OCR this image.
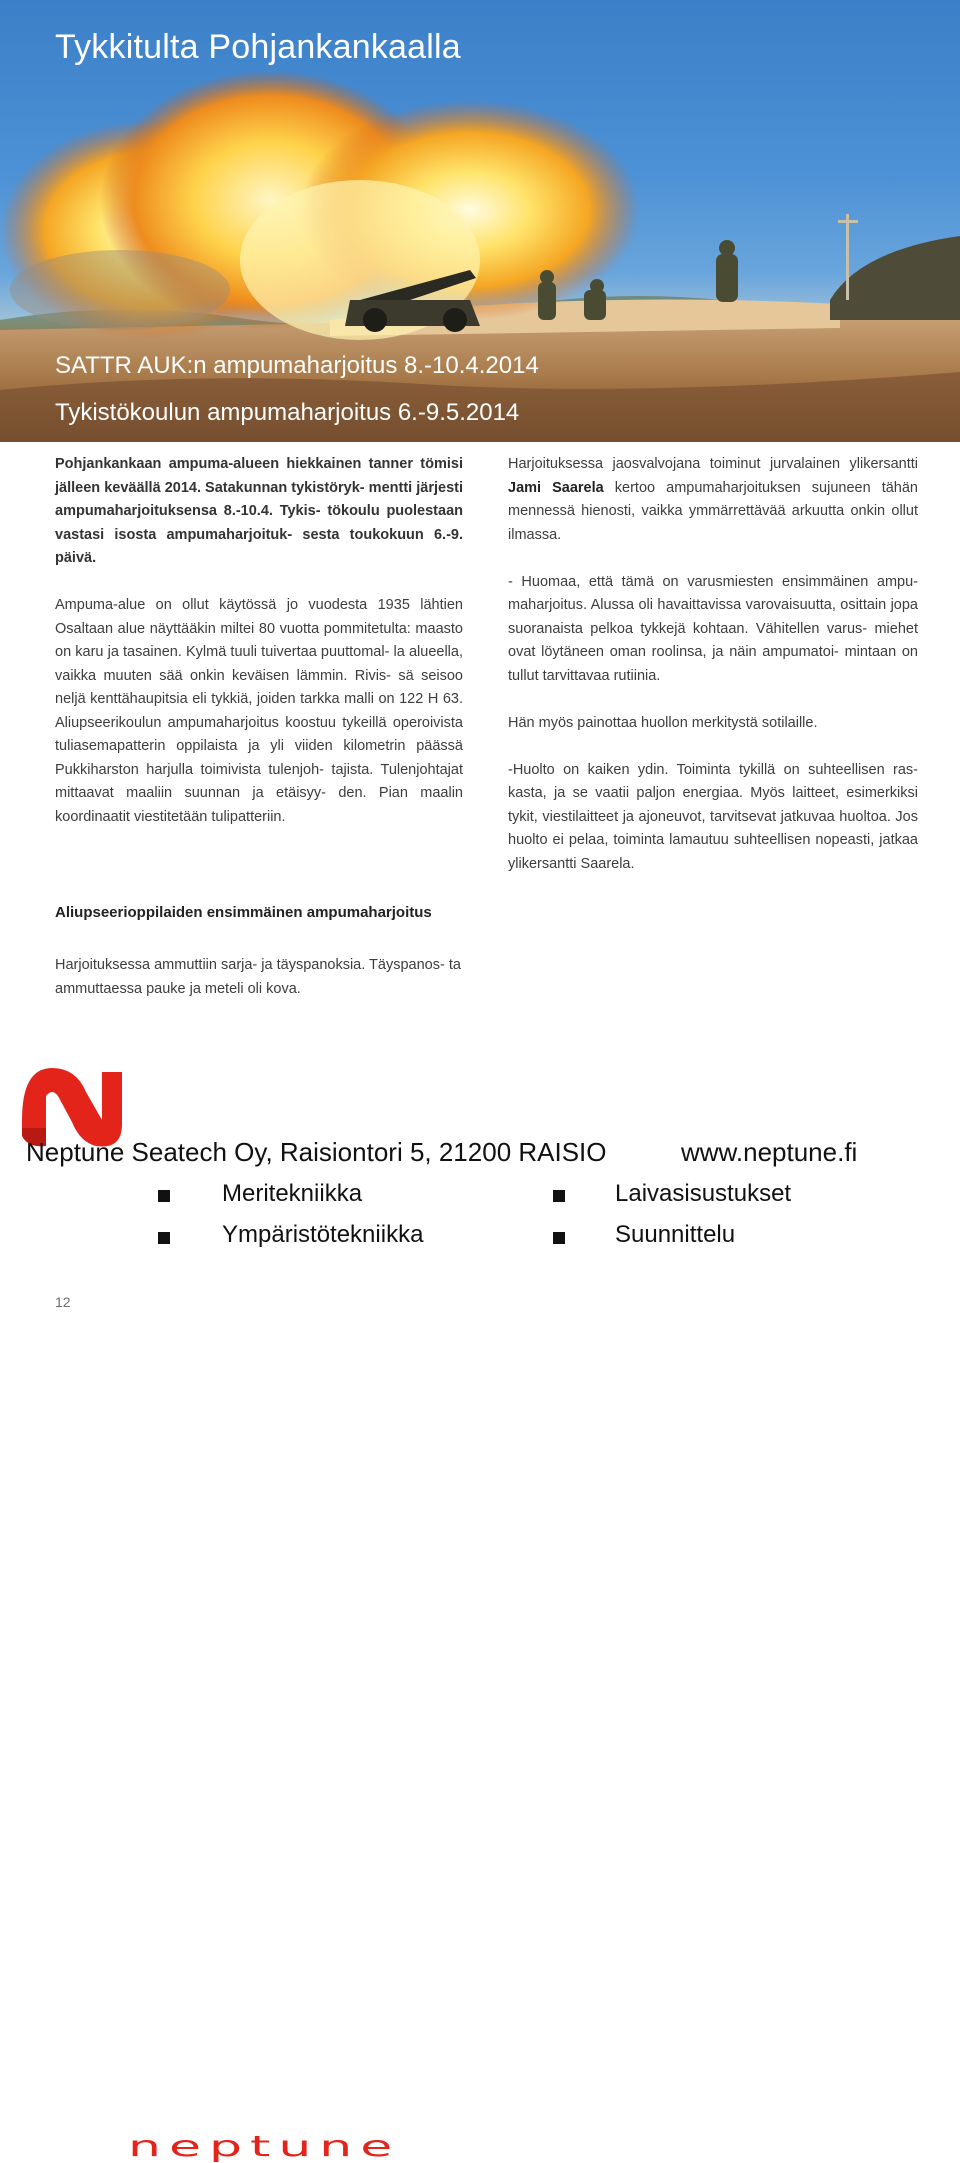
Tykkitulta Pohjankankaalla
SATTR AUK:n ampumaharjoitus 8.-10.4.2014
Tykistökoulun ampumaharjoitus 6.-9.5.2014

Pohjankankaan ampuma-alueen hiekkainen tanner tömisi jälleen keväällä 2014. Satakunnan tykistöryk- mentti järjesti ampumaharjoituksensa 8.-10.4. Tykis- tökoulu puolestaan vastasi isosta ampumaharjoituk- sesta toukokuun 6.-9. päivä.

Ampuma-alue on ollut käytössä jo vuodesta 1935 lähtien Osaltaan alue näyttääkin miltei 80 vuotta pommitetulta: maasto on karu ja tasainen. Kylmä tuuli tuivertaa puuttomal- la alueella, vaikka muuten sää onkin keväisen lämmin. Rivis- sä seisoo neljä kenttähaupitsia eli tykkiä, joiden tarkka malli on 122 H 63. Aliupseerikoulun ampumaharjoitus koostuu tykeillä operoivista tuliasemapatterin oppilaista ja yli viiden kilometrin päässä Pukkiharston harjulla toimivista tulenjoh- tajista. Tulenjohtajat mittaavat maaliin suunnan ja etäisyy- den. Pian maalin koordinaatit viestitetään tulipatteriin.

Harjoituksessa jaosvalvojana toiminut jurvalainen ylikersantti Jami Saarela kertoo ampumaharjoituksen sujuneen tähän mennessä hienosti, vaikka ymmärrettävää arkuutta onkin ollut ilmassa.

- Huomaa, että tämä on varusmiesten ensimmäinen ampu- maharjoitus. Alussa oli havaittavissa varovaisuutta, osittain jopa suoranaista pelkoa tykkejä kohtaan. Vähitellen varus- miehet ovat löytäneen oman roolinsa, ja näin ampumatoi- mintaan on tullut tarvittavaa rutiinia.

Hän myös painottaa huollon merkitystä sotilaille.

-Huolto on kaiken ydin. Toiminta tykillä on suhteellisen ras- kasta, ja se vaatii paljon energiaa. Myös laitteet, esimerkiksi tykit, viestilaitteet ja ajoneuvot, tarvitsevat jatkuvaa huoltoa. Jos huolto ei pelaa, toiminta lamautuu suhteellisen nopeasti, jatkaa ylikersantti Saarela.

Aliupseerioppilaiden ensimmäinen ampumaharjoitus

Harjoituksessa ammuttiin sarja- ja täyspanoksia. Täyspanos- ta ammuttaessa pauke ja meteli oli kova.

neptune

Neptune Seatech Oy, Raisiontori 5, 21200 RAISIO	www.neptune.fi

Meritekniikka	Laivasisustukset

Ympäristötekniikka	Suunnittelu

12
